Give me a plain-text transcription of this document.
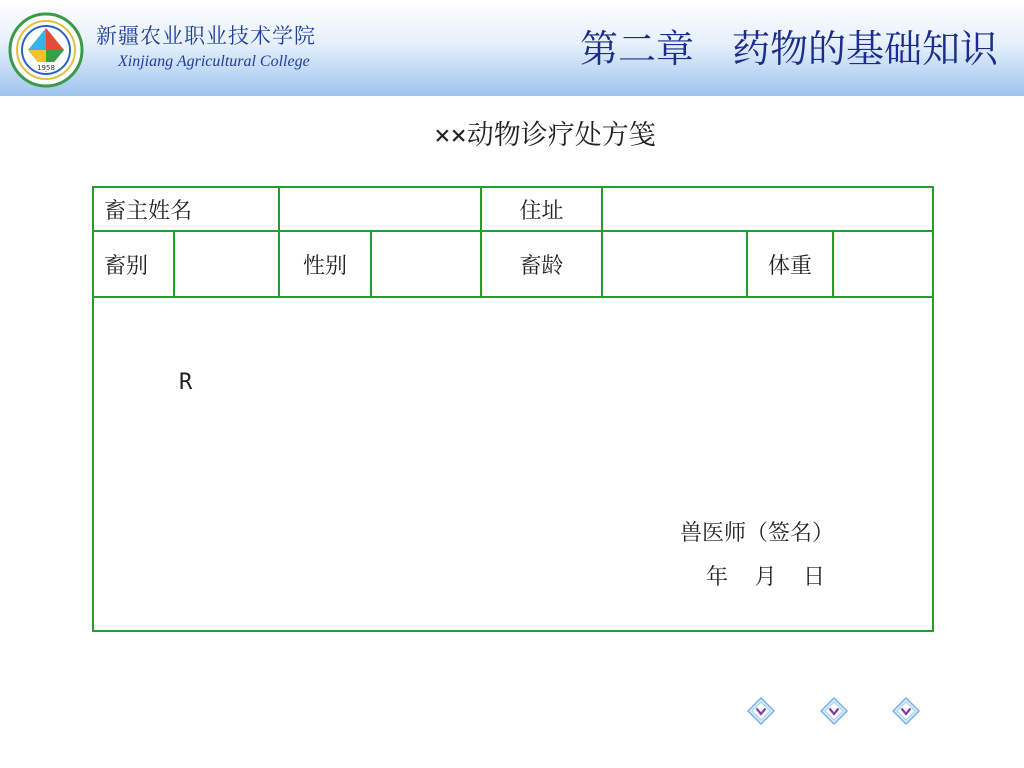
1958
新疆农业职业技术学院
Xinjiang Agricultural College	第二章　药物的基础知识
××动物诊疗处方笺
畜主姓名				住址			
畜别		性别		畜龄		体重	

R
兽医师（签名）
年  月  日							
